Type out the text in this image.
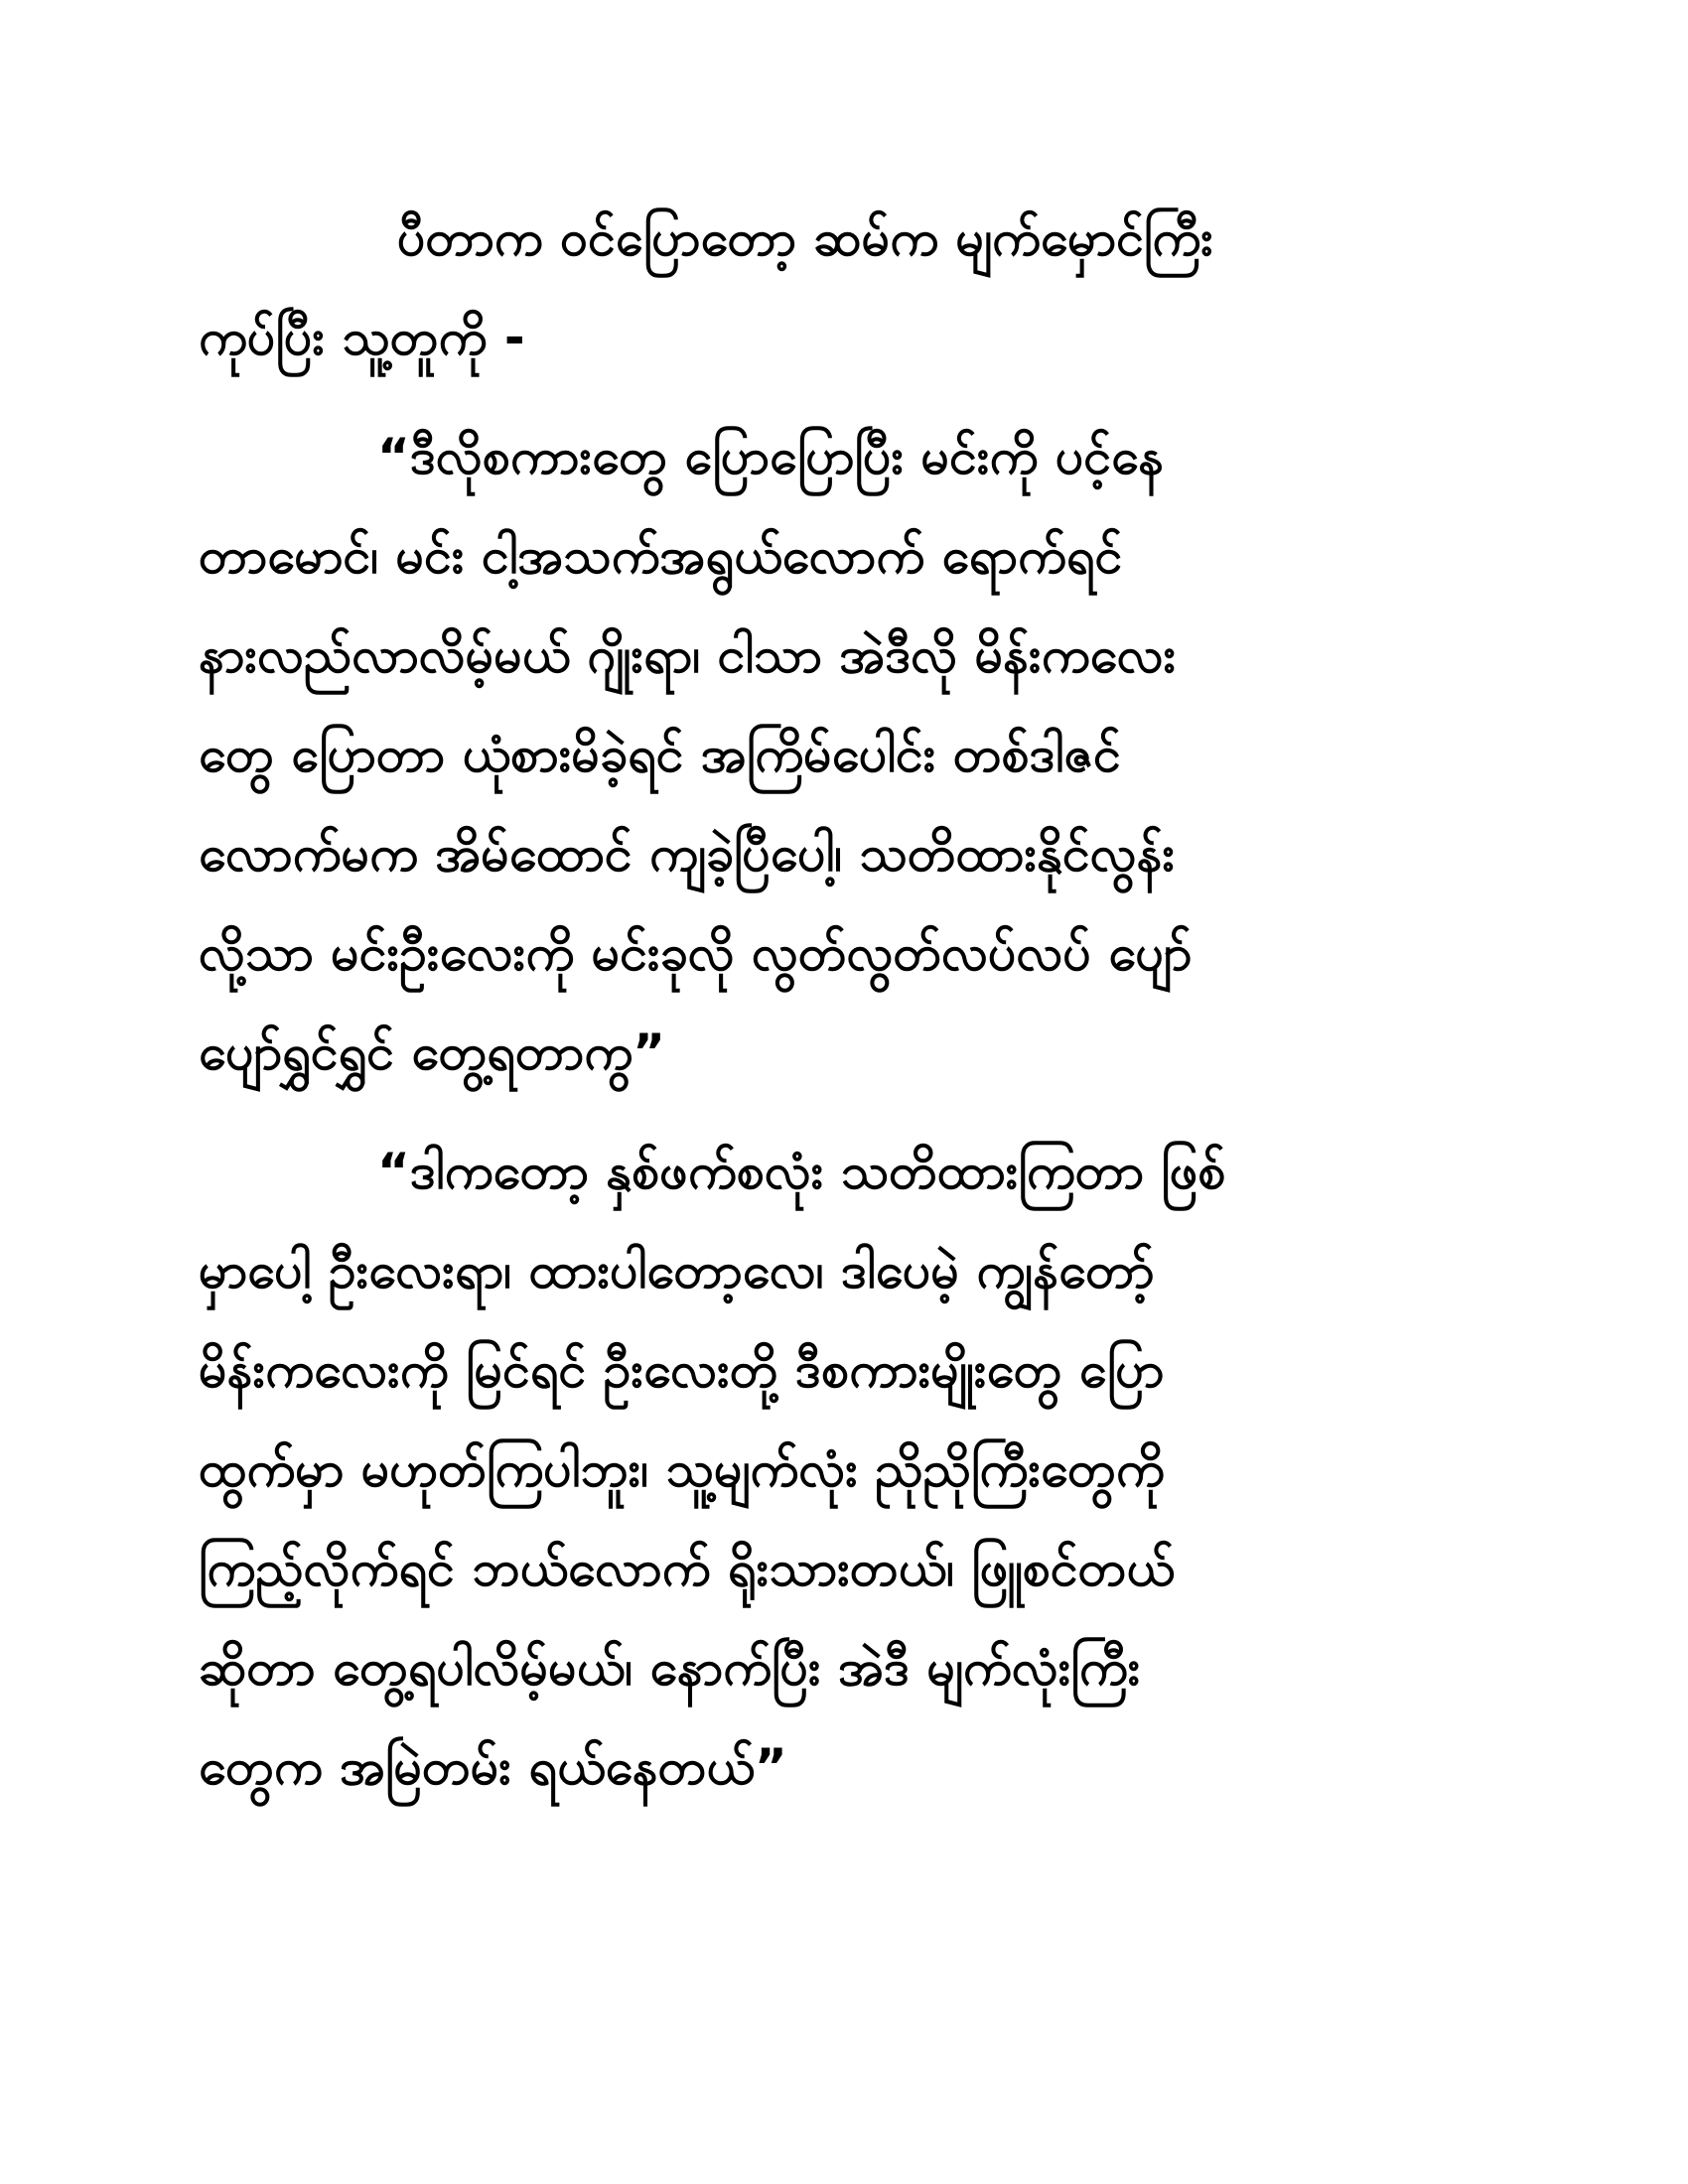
ပီတာက ဝင်ပြောတော့ ဆမ်က မျက်မှောင်ကြီး
ကုပ်ပြီး သူ့တူကို -
“ဒီလိုစကားတွေ ပြောပြောပြီး မင်းကို ပင့်နေ
တာမောင်၊ မင်း ငါ့အသက်အရွယ်လောက် ရောက်ရင်
နားလည်လာလိမ့်မယ် ဂျိုးရာ၊ ငါသာ အဲဒီလို မိန်းကလေး
တွေ ပြောတာ ယုံစားမိခဲ့ရင် အကြိမ်ပေါင်း တစ်ဒါဇင်
လောက်မက အိမ်ထောင် ကျခဲ့ပြီပေါ့၊ သတိထားနိုင်လွန်း
လို့သာ မင်းဦးလေးကို မင်းခုလို လွတ်လွတ်လပ်လပ် ပျော်
ပျော်ရွှင်ရွှင် တွေ့ရတာကွ”
“ဒါကတော့ နှစ်ဖက်စလုံး သတိထားကြတာ ဖြစ်
မှာပေါ့ ဦးလေးရာ၊ ထားပါတော့လေ၊ ဒါပေမဲ့ ကျွန်တော့်
မိန်းကလေးကို မြင်ရင် ဦးလေးတို့ ဒီစကားမျိုးတွေ ပြော
ထွက်မှာ မဟုတ်ကြပါဘူး၊ သူ့မျက်လုံး ညိုညိုကြီးတွေကို
ကြည့်လိုက်ရင် ဘယ်လောက် ရိုးသားတယ်၊ ဖြူစင်တယ်
ဆိုတာ တွေ့ရပါလိမ့်မယ်၊ နောက်ပြီး အဲဒီ မျက်လုံးကြီး
တွေက အမြဲတမ်း ရယ်နေတယ်”
